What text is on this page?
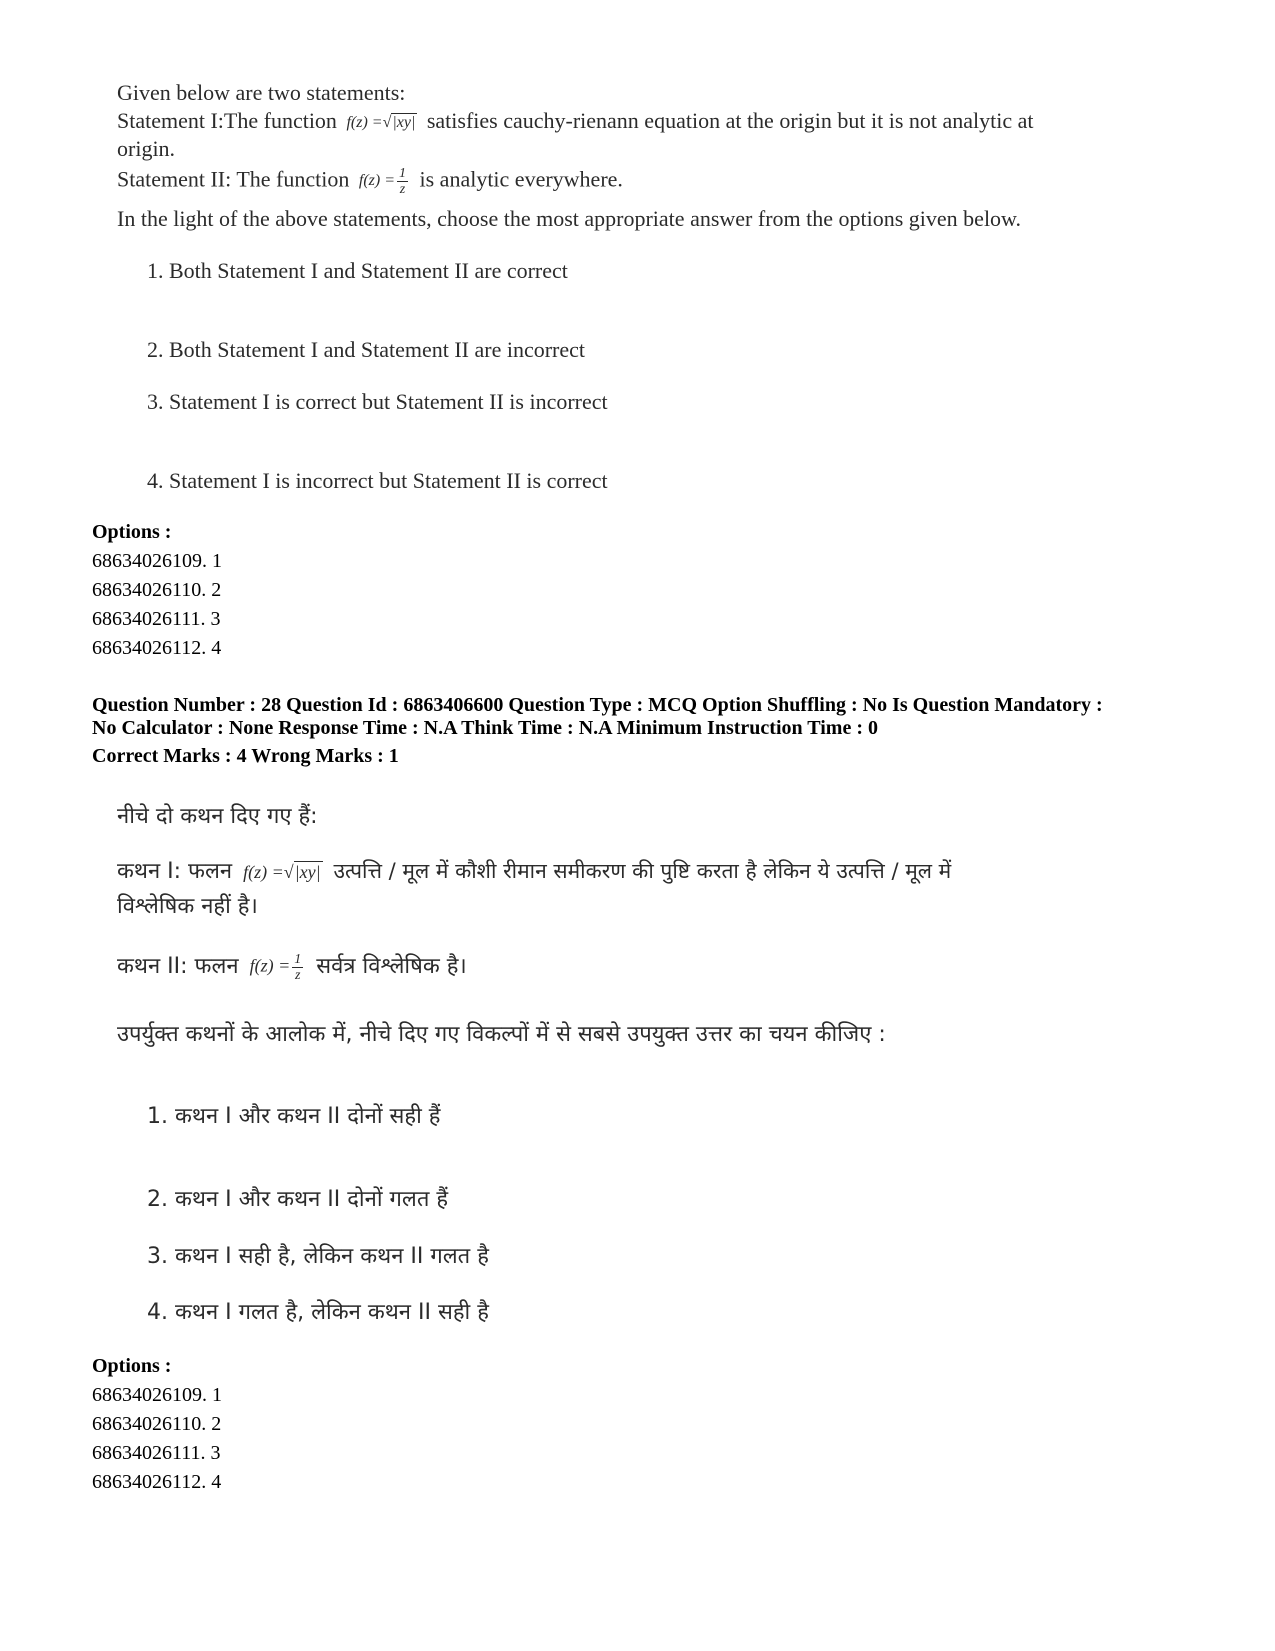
Given below are two statements:
Statement I:The function f(z) =√|xy| satisfies cauchy-rienann equation at the origin but it is not analytic at
origin.
Statement II: The function $f(z) = \frac{1}{z}$ is analytic everywhere.
In the light of the above statements, choose the most appropriate answer from the options given below.
1. Both Statement I and Statement II are correct
2. Both Statement I and Statement II are incorrect
3. Statement I is correct but Statement II is incorrect
4. Statement I is incorrect but Statement II is correct
Options :
68634026109. 1
68634026110. 2
68634026111. 3
68634026112. 4
Question Number : 28 Question Id : 6863406600 Question Type : MCQ Option Shuffling : No Is Question Mandatory :
No Calculator : None Response Time : N.A Think Time : N.A Minimum Instruction Time : 0
Correct Marks : 4 Wrong Marks : 1
नीचे दो कथन दिए गए हैं:
कथन I: फलन f(z) =√|xy| उत्पत्ति / मूल में कौशी रीमान समीकरण की पुष्टि करता है लेकिन ये उत्पत्ति / मूल में
विश्लेषिक नहीं है।
कथन II: फलन $f(z) = \frac{1}{z}$ सर्वत्र विश्लेषिक है।
उपर्युक्त कथनों के आलोक में, नीचे दिए गए विकल्पों में से सबसे उपयुक्त उत्तर का चयन कीजिए :
1. कथन I और कथन II दोनों सही हैं
2. कथन I और कथन II दोनों गलत हैं
3. कथन I सही है, लेकिन कथन II गलत है
4. कथन I गलत है, लेकिन कथन II सही है
Options :
68634026109. 1
68634026110. 2
68634026111. 3
68634026112. 4
